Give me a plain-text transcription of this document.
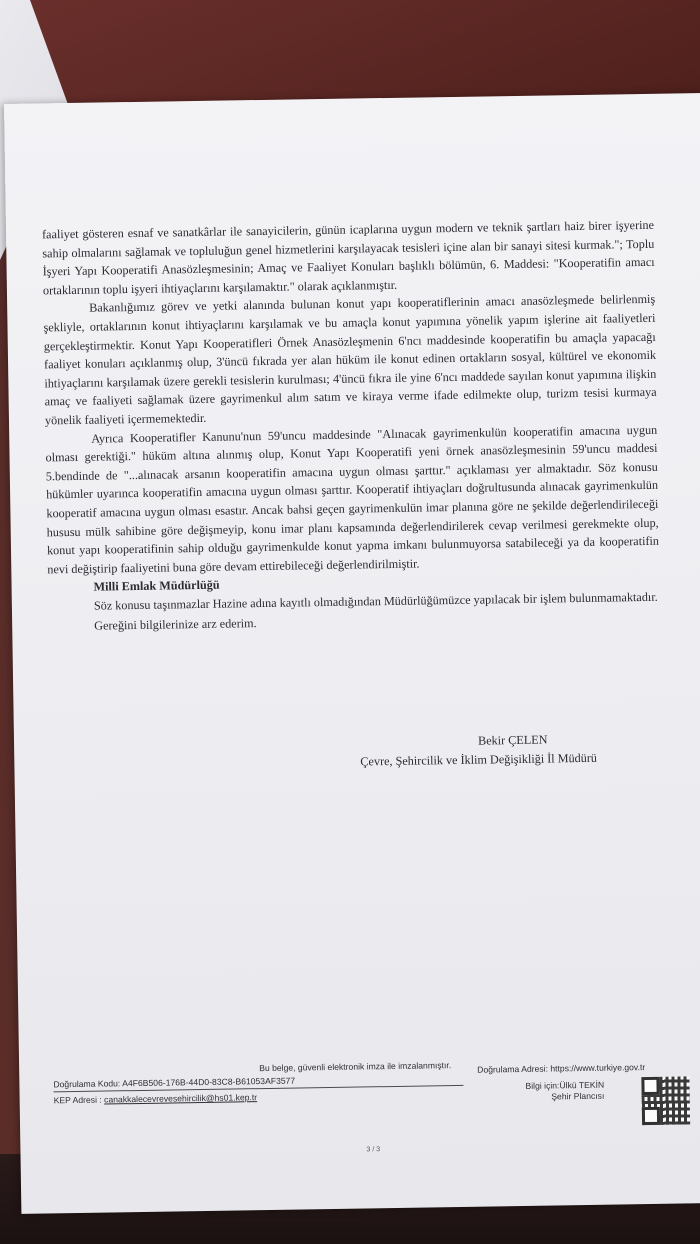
faaliyet gösteren esnaf ve sanatkârlar ile sanayicilerin, günün icaplarına uygun modern ve teknik şartları haiz birer işyerine sahip olmalarını sağlamak ve topluluğun genel hizmetlerini karşılayacak tesisleri içine alan bir sanayi sitesi kurmak."; Toplu İşyeri Yapı Kooperatifi Anasözleşmesinin; Amaç ve Faaliyet Konuları başlıklı bölümün, 6. Maddesi: "Kooperatifin amacı ortaklarının toplu işyeri ihtiyaçlarını karşılamaktır." olarak açıklanmıştır.

Bakanlığımız görev ve yetki alanında bulunan konut yapı kooperatiflerinin amacı anasözleşmede belirlenmiş şekliyle, ortaklarının konut ihtiyaçlarını karşılamak ve bu amaçla konut yapımına yönelik yapım işlerine ait faaliyetleri gerçekleştirmektir. Konut Yapı Kooperatifleri Örnek Anasözleşmenin 6'ncı maddesinde kooperatifin bu amaçla yapacağı faaliyet konuları açıklanmış olup, 3'üncü fıkrada yer alan hüküm ile konut edinen ortakların sosyal, kültürel ve ekonomik ihtiyaçlarını karşılamak üzere gerekli tesislerin kurulması; 4'üncü fıkra ile yine 6'ncı maddede sayılan konut yapımına ilişkin amaç ve faaliyeti sağlamak üzere gayrimenkul alım satım ve kiraya verme ifade edilmekte olup, turizm tesisi kurmaya yönelik faaliyeti içermemektedir.

Ayrıca Kooperatifler Kanunu'nun 59'uncu maddesinde "Alınacak gayrimenkulün kooperatifin amacına uygun olması gerektiği." hüküm altına alınmış olup, Konut Yapı Kooperatifi yeni örnek anasözleşmesinin 59'uncu maddesi 5.bendinde de "...alınacak arsanın kooperatifin amacına uygun olması şarttır." açıklaması yer almaktadır. Söz konusu hükümler uyarınca kooperatifin amacına uygun olması şarttır. Kooperatif ihtiyaçları doğrultusunda alınacak gayrimenkulün kooperatif amacına uygun olması esastır. Ancak bahsi geçen gayrimenkulün imar planına göre ne şekilde değerlendirileceği hususu mülk sahibine göre değişmeyip, konu imar planı kapsamında değerlendirilerek cevap verilmesi gerekmekte olup, konut yapı kooperatifinin sahip olduğu gayrimenkulde konut yapma imkanı bulunmuyorsa satabileceği ya da kooperatifin nevi değiştirip faaliyetini buna göre devam ettirebileceği değerlendirilmiştir.

Milli Emlak Müdürlüğü

Söz konusu taşınmazlar Hazine adına kayıtlı olmadığından Müdürlüğümüzce yapılacak bir işlem bulunmamaktadır.

Gereğini bilgilerinize arz ederim.

Bekir ÇELEN
Çevre, Şehircilik ve İklim Değişikliği İl Müdürü
Bu belge, güvenli elektronik imza ile imzalanmıştır.	Doğrulama Adresi: https://www.turkiye.gov.tr
Doğrulama Kodu: A4F6B506-176B-44D0-83C8-B61053AF3577
KEP Adresi : canakkalecevrevesehircilik@hs01.kep.tr
Bilgi için:Ülkü TEKİN
Şehir Plancısı
3 / 3
